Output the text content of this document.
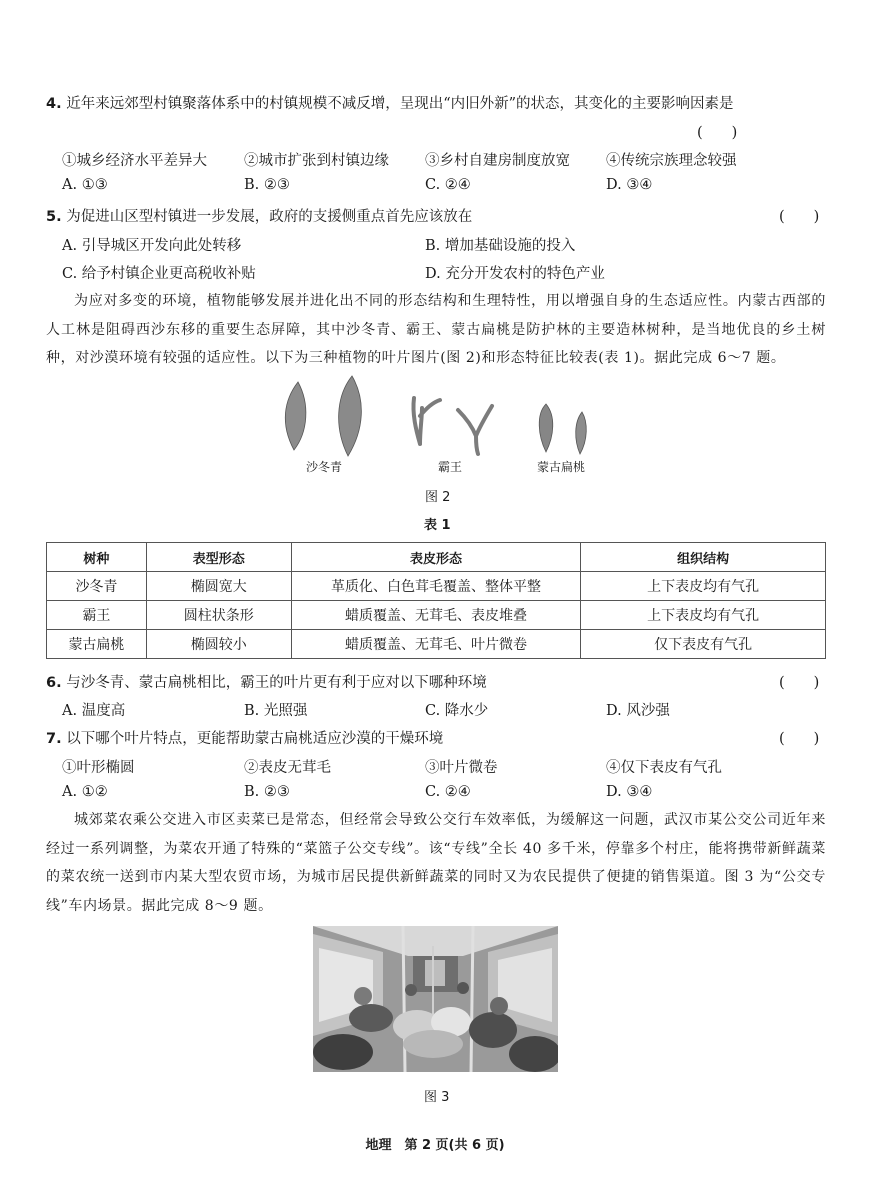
4. 近年来远郊型村镇聚落体系中的村镇规模不减反增，呈现出“内旧外新”的状态，其变化的主要影响因素是
(　　)
①城乡经济水平差异大	②城市扩张到村镇边缘 ③乡村自建房制度放宽 ④传统宗族理念较强
A. ①③	B. ②③	C. ②④	D. ③④
5. 为促进山区型村镇进一步发展，政府的支援侧重点首先应该放在	(　　)
A. 引导城区开发向此处转移	B. 增加基础设施的投入
C. 给予村镇企业更高税收补贴	D. 充分开发农村的特色产业
为应对多变的环境，植物能够发展并进化出不同的形态结构和生理特性，用以增强自身的生态适应性。内蒙古西部的人工林是阻碍西沙东移的重要生态屏障，其中沙冬青、霸王、蒙古扁桃是防护林的主要造林树种，是当地优良的乡土树种，对沙漠环境有较强的适应性。以下为三种植物的叶片图片(图 2)和形态特征比较表(表 1)。据此完成 6～7 题。
沙冬青	霸王	蒙古扁桃
图 2
表 1
树种	表型形态	表皮形态	组织结构
沙冬青	椭圆宽大	革质化、白色茸毛覆盖、整体平整	上下表皮均有气孔
霸王	圆柱状条形	蜡质覆盖、无茸毛、表皮堆叠	上下表皮均有气孔
蒙古扁桃	椭圆较小	蜡质覆盖、无茸毛、叶片微卷	仅下表皮有气孔
6. 与沙冬青、蒙古扁桃相比，霸王的叶片更有利于应对以下哪种环境	(　　)
A. 温度高	B. 光照强	C. 降水少	D. 风沙强
7. 以下哪个叶片特点，更能帮助蒙古扁桃适应沙漠的干燥环境	(　　)
①叶形椭圆	②表皮无茸毛	③叶片微卷	④仅下表皮有气孔
A. ①②	B. ②③	C. ②④	D. ③④
城郊菜农乘公交进入市区卖菜已是常态，但经常会导致公交行车效率低，为缓解这一问题，武汉市某公交公司近年来经过一系列调整，为菜农开通了特殊的“菜篮子公交专线”。该“专线”全长 40 多千米，停靠多个村庄，能将携带新鲜蔬菜的菜农统一送到市内某大型农贸市场，为城市居民提供新鲜蔬菜的同时又为农民提供了便捷的销售渠道。图 3 为“公交专线”车内场景。据此完成 8～9 题。
图 3
地理　第 2 页(共 6 页)
